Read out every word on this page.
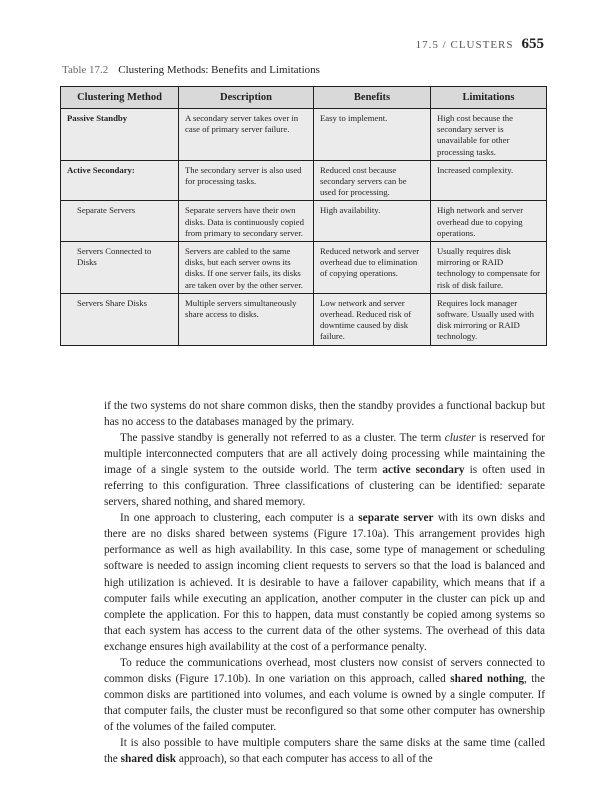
17.5 / CLUSTERS 655
Table 17.2 Clustering Methods: Benefits and Limitations
Clustering Method	Description	Benefits	Limitations
Passive Standby	A secondary server takes over in case of primary server failure.	Easy to implement.	High cost because the secondary server is unavailable for other processing tasks.
Active Secondary:	The secondary server is also used for processing tasks.	Reduced cost because secondary servers can be used for processing.	Increased complexity.
Separate Servers	Separate servers have their own disks. Data is continuously copied from primary to secondary server.	High availability.	High network and server overhead due to copying operations.
Servers Connected to Disks	Servers are cabled to the same disks, but each server owns its disks. If one server fails, its disks are taken over by the other server.	Reduced network and server overhead due to elimination of copying operations.	Usually requires disk mirroring or RAID technology to compensate for risk of disk failure.
Servers Share Disks	Multiple servers simultaneously share access to disks.	Low network and server overhead. Reduced risk of downtime caused by disk failure.	Requires lock manager software. Usually used with disk mirroring or RAID technology.

if the two systems do not share common disks, then the standby provides a functional backup but has no access to the databases managed by the primary.

The passive standby is generally not referred to as a cluster. The term cluster is reserved for multiple interconnected computers that are all actively doing processing while maintaining the image of a single system to the outside world. The term active secondary is often used in referring to this configuration. Three classifications of clustering can be identified: separate servers, shared nothing, and shared memory.

In one approach to clustering, each computer is a separate server with its own disks and there are no disks shared between systems (Figure 17.10a). This arrangement provides high performance as well as high availability. In this case, some type of management or scheduling software is needed to assign incoming client requests to servers so that the load is balanced and high utilization is achieved. It is desirable to have a failover capability, which means that if a computer fails while executing an application, another computer in the cluster can pick up and complete the application. For this to happen, data must constantly be copied among systems so that each system has access to the current data of the other systems. The overhead of this data exchange ensures high availability at the cost of a performance penalty.

To reduce the communications overhead, most clusters now consist of servers connected to common disks (Figure 17.10b). In one variation on this approach, called shared nothing, the common disks are partitioned into volumes, and each volume is owned by a single computer. If that computer fails, the cluster must be reconfigured so that some other computer has ownership of the volumes of the failed computer.

It is also possible to have multiple computers share the same disks at the same time (called the shared disk approach), so that each computer has access to all of the
